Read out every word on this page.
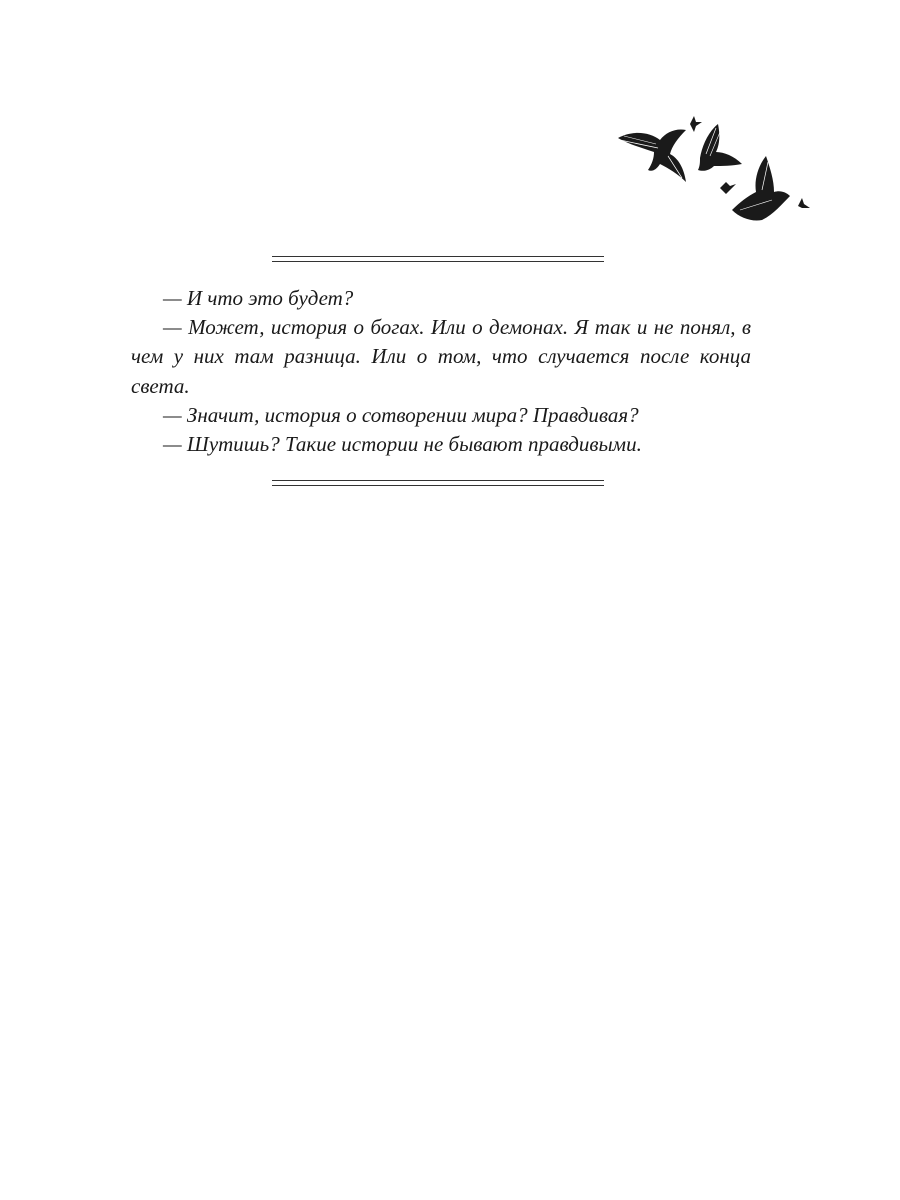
— И что это будет?

— Может, история о богах. Или о демонах. Я так и не понял, в чем у них там разница. Или о том, что случается после конца света.

— Значит, история о сотворении мира? Правдивая?

— Шутишь? Такие истории не бывают правдивыми.
